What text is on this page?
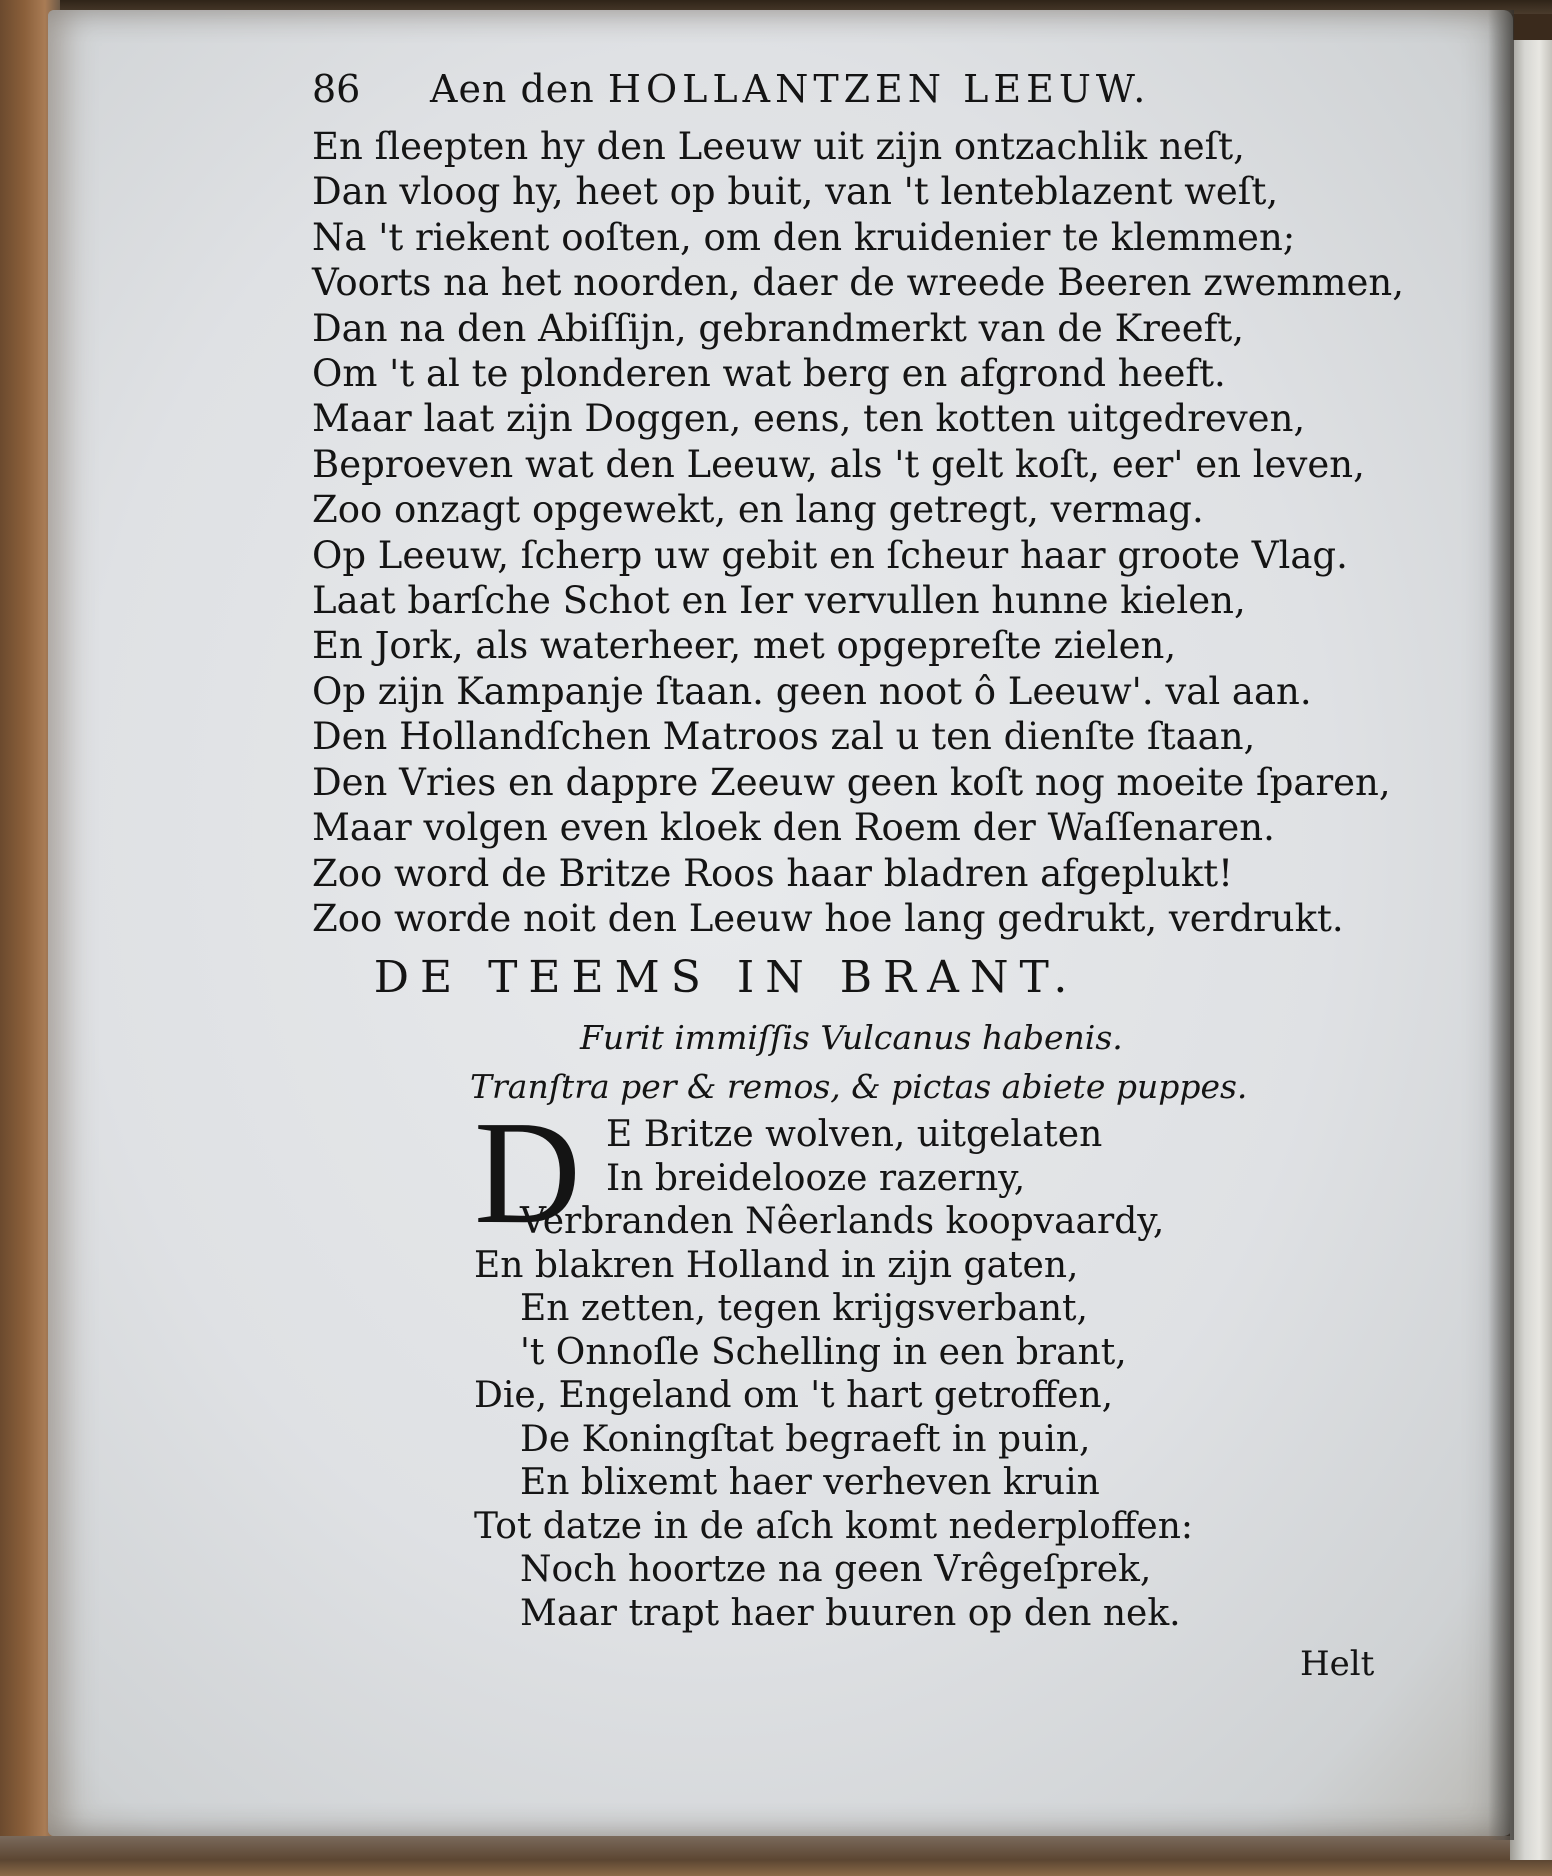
86 Aen den HOLLANTZEN LEEUW.
En ſleepten hy den Leeuw uit zijn ontzachlik neſt,
Dan vloog hy, heet op buit, van 't lenteblazent weſt,
Na 't riekent ooſten, om den kruidenier te klemmen;
Voorts na het noorden, daer de wreede Beeren zwemmen,
Dan na den Abiſſijn, gebrandmerkt van de Kreeft,
Om 't al te plonderen wat berg en afgrond heeft.
Maar laat zijn Doggen, eens, ten kotten uitgedreven,
Beproeven wat den Leeuw, als 't gelt koſt, eer' en leven,
Zoo onzagt opgewekt, en lang getregt, vermag.
Op Leeuw, ſcherp uw gebit en ſcheur haar groote Vlag.
Laat barſche Schot en Ier vervullen hunne kielen,
En Jork, als waterheer, met opgepreſte zielen,
Op zijn Kampanje ſtaan. geen noot ô Leeuw'. val aan.
Den Hollandſchen Matroos zal u ten dienſte ſtaan,
Den Vries en dappre Zeeuw geen koſt nog moeite ſparen,
Maar volgen even kloek den Roem der Waſſenaren.
Zoo word de Britze Roos haar bladren afgeplukt!
Zoo worde noit den Leeuw hoe lang gedrukt, verdrukt.
DE TEEMS IN BRANT.
Furit immiſſis Vulcanus habenis.
Tranſtra per & remos, & pictas abiete puppes.
D E Britze wolven, uitgelaten
In breidelooze razerny,
Verbranden Nêerlands koopvaardy,
En blakren Holland in zijn gaten,
En zetten, tegen krijgsverbant,
't Onnoſle Schelling in een brant,
Die, Engeland om 't hart getroffen,
De Koningſtat begraeft in puin,
En blixemt haer verheven kruin
Tot datze in de aſch komt nederploffen:
Noch hoortze na geen Vrêgeſprek,
Maar trapt haer buuren op den nek.
Helt
